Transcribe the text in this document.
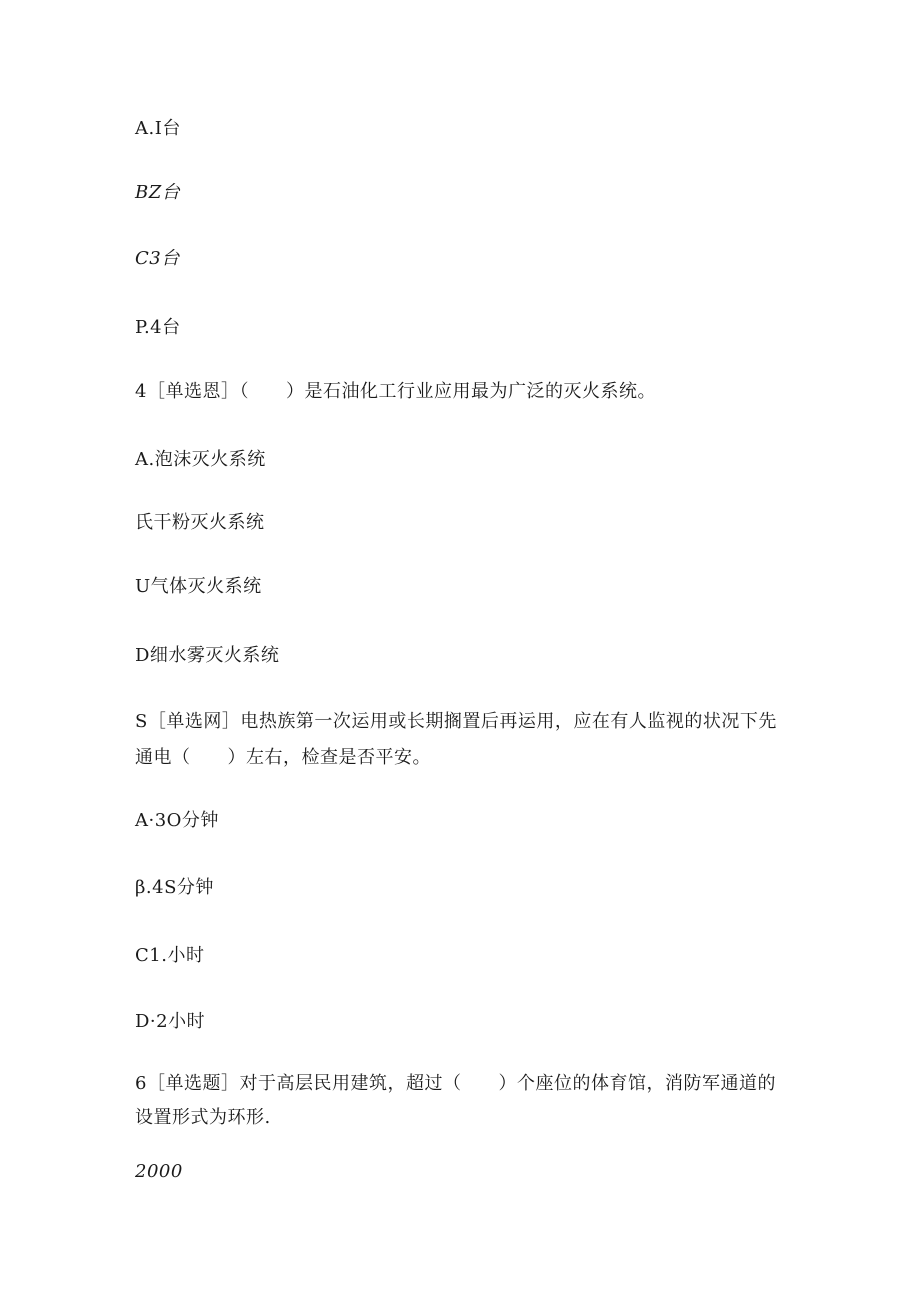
A.I台
BZ台
C3台
P.4台
4［单选恩］（　　）是石油化工行业应用最为广泛的灭火系统。
A.泡沫灭火系统
氏干粉灭火系统
U气体灭火系统
D细水雾灭火系统
S［单选网］电热族第一次运用或长期搁置后再运用，应在有人监视的状况下先
通电（　　）左右，检查是否平安。
A·3O分钟
β.4S分钟
C1.小时
D·2小时
6［单选题］对于高层民用建筑，超过（　　）个座位的体育馆，消防军通道的
设置形式为环形.
2000
